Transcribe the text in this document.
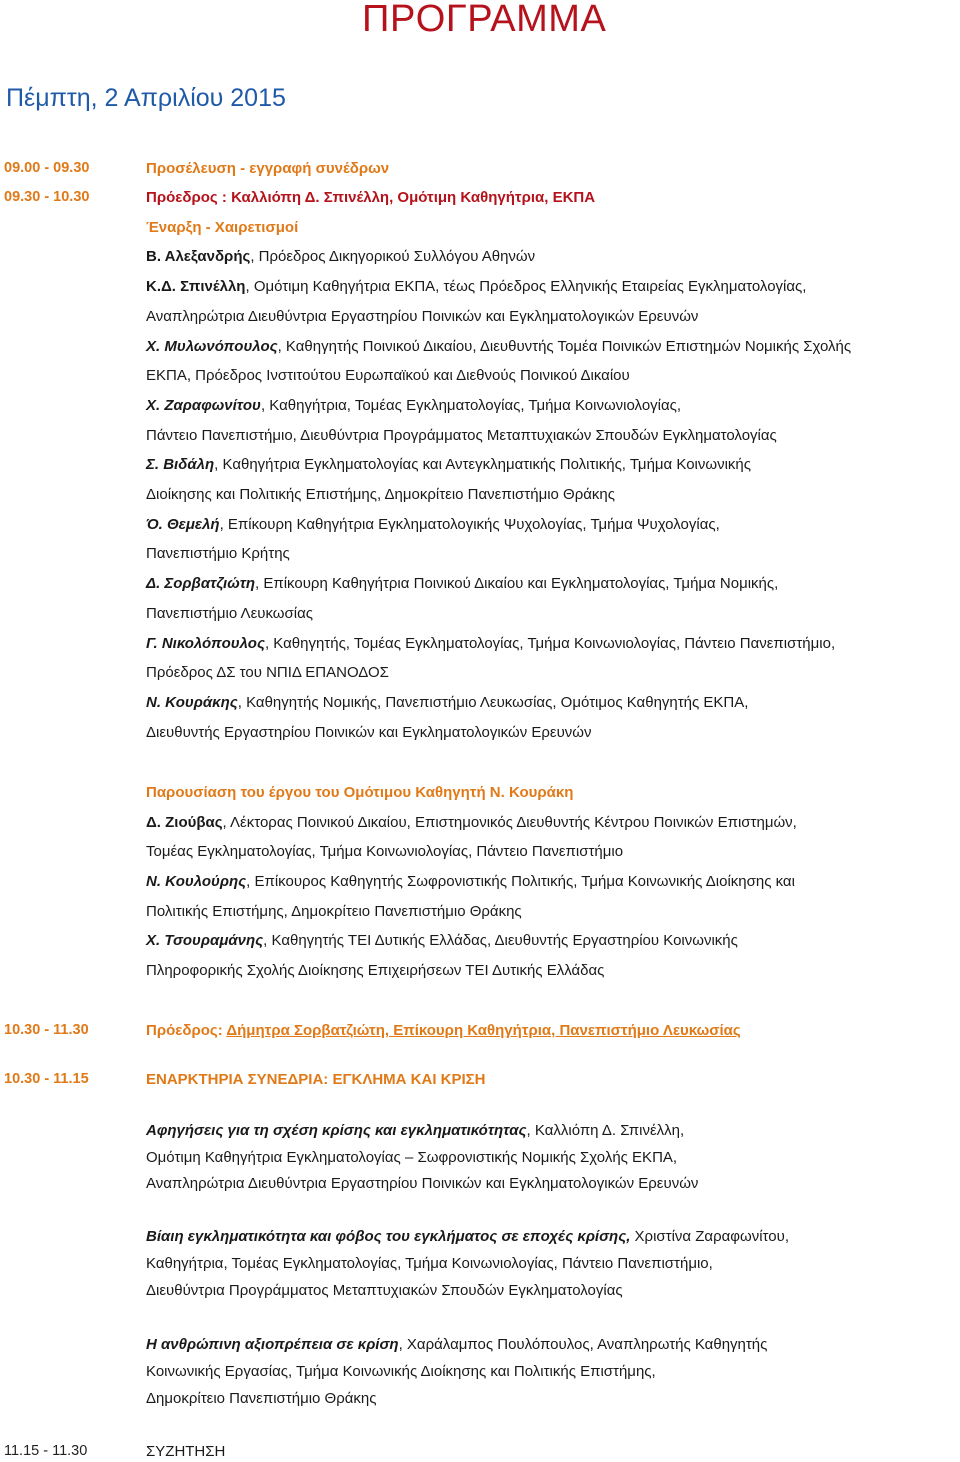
ΠΡΟΓΡΑΜΜΑ
Πέμπτη, 2 Απριλίου 2015
09.00 - 09.30	Προσέλευση - εγγραφή συνέδρων
09.30 - 10.30	Πρόεδρος : Καλλιόπη Δ. Σπινέλλη, Ομότιμη Καθηγήτρια, ΕΚΠΑ
Έναρξη - Χαιρετισμοί
Β. Αλεξανδρής, Πρόεδρος Δικηγορικού Συλλόγου Αθηνών
Κ.Δ. Σπινέλλη, Ομότιμη Καθηγήτρια ΕΚΠΑ, τέως Πρόεδρος Ελληνικής Εταιρείας Εγκληματολογίας,
Αναπληρώτρια Διευθύντρια Εργαστηρίου Ποινικών και Εγκληματολογικών Ερευνών
Χ. Μυλωνόπουλος, Καθηγητής Ποινικού Δικαίου, Διευθυντής Τομέα Ποινικών Επιστημών Νομικής Σχολής
ΕΚΠΑ, Πρόεδρος Ινστιτούτου Ευρωπαϊκού και Διεθνούς Ποινικού Δικαίου
Χ. Ζαραφωνίτου, Καθηγήτρια, Τομέας Εγκληματολογίας, Τμήμα Κοινωνιολογίας,
Πάντειο Πανεπιστήμιο, Διευθύντρια Προγράμματος Μεταπτυχιακών Σπουδών Εγκληματολογίας
Σ. Βιδάλη, Καθηγήτρια Εγκληματολογίας και Αντεγκληματικής Πολιτικής, Τμήμα Κοινωνικής
Διοίκησης και Πολιτικής Επιστήμης, Δημοκρίτειο Πανεπιστήμιο Θράκης
Ό. Θεμελή, Επίκουρη Καθηγήτρια Εγκληματολογικής Ψυχολογίας, Τμήμα Ψυχολογίας,
Πανεπιστήμιο Κρήτης
Δ. Σορβατζιώτη, Επίκουρη Καθηγήτρια Ποινικού Δικαίου και Εγκληματολογίας, Τμήμα Νομικής,
Πανεπιστήμιο Λευκωσίας
Γ. Νικολόπουλος, Καθηγητής, Τομέας Εγκληματολογίας, Τμήμα Κοινωνιολογίας, Πάντειο Πανεπιστήμιο,
Πρόεδρος ΔΣ του ΝΠΙΔ ΕΠΑΝΟΔΟΣ
Ν. Κουράκης, Καθηγητής Νομικής, Πανεπιστήμιο Λευκωσίας, Ομότιμος Καθηγητής ΕΚΠΑ,
Διευθυντής Εργαστηρίου Ποινικών και Εγκληματολογικών Ερευνών
Παρουσίαση του έργου του Ομότιμου Καθηγητή Ν. Κουράκη
Δ. Ζιούβας, Λέκτορας Ποινικού Δικαίου, Επιστημονικός Διευθυντής Κέντρου Ποινικών Επιστημών,
Τομέας Εγκληματολογίας, Τμήμα Κοινωνιολογίας, Πάντειο Πανεπιστήμιο
Ν. Κουλούρης, Επίκουρος Καθηγητής Σωφρονιστικής Πολιτικής, Τμήμα Κοινωνικής Διοίκησης και
Πολιτικής Επιστήμης, Δημοκρίτειο Πανεπιστήμιο Θράκης
Χ. Τσουραμάνης, Καθηγητής ΤΕΙ Δυτικής Ελλάδας, Διευθυντής Εργαστηρίου Κοινωνικής
Πληροφορικής Σχολής Διοίκησης Επιχειρήσεων ΤΕΙ Δυτικής Ελλάδας
10.30 - 11.30	Πρόεδρος: Δήμητρα Σορβατζιώτη, Επίκουρη Καθηγήτρια, Πανεπιστήμιο Λευκωσίας
10.30 - 11.15	ΕΝΑΡΚΤΗΡΙΑ ΣΥΝΕΔΡΙΑ: ΕΓΚΛΗΜΑ ΚΑΙ ΚΡΙΣΗ
Αφηγήσεις για τη σχέση κρίσης και εγκληματικότητας, Καλλιόπη Δ. Σπινέλλη,
Ομότιμη Καθηγήτρια Εγκληματολογίας – Σωφρονιστικής Νομικής Σχολής ΕΚΠΑ,
Αναπληρώτρια Διευθύντρια Εργαστηρίου Ποινικών και Εγκληματολογικών Ερευνών
Βίαιη εγκληματικότητα και φόβος του εγκλήματος σε εποχές κρίσης, Χριστίνα Ζαραφωνίτου,
Καθηγήτρια, Τομέας Εγκληματολογίας, Τμήμα Κοινωνιολογίας, Πάντειο Πανεπιστήμιο,
Διευθύντρια Προγράμματος Μεταπτυχιακών Σπουδών Εγκληματολογίας
Η ανθρώπινη αξιοπρέπεια σε κρίση, Χαράλαμπος Πουλόπουλος, Αναπληρωτής Καθηγητής
Κοινωνικής Εργασίας, Τμήμα Κοινωνικής Διοίκησης και Πολιτικής Επιστήμης,
Δημοκρίτειο Πανεπιστήμιο Θράκης
11.15 - 11.30	ΣΥΖΗΤΗΣΗ
